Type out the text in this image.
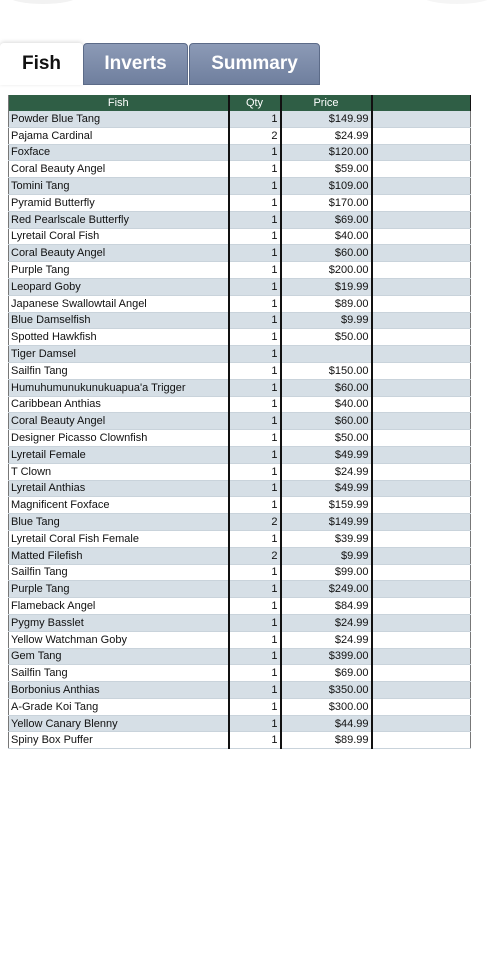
Fish	Inverts	Summary
Fish	Qty	Price	
Powder Blue Tang	1	$149.99	
Pajama Cardinal	2	$24.99	
Foxface	1	$120.00	
Coral Beauty Angel	1	$59.00	
Tomini Tang	1	$109.00	
Pyramid Butterfly	1	$170.00	
Red Pearlscale Butterfly	1	$69.00	
Lyretail Coral Fish	1	$40.00	
Coral Beauty Angel	1	$60.00	
Purple Tang	1	$200.00	
Leopard Goby	1	$19.99	
Japanese Swallowtail Angel	1	$89.00	
Blue Damselfish	1	$9.99	
Spotted Hawkfish	1	$50.00	
Tiger Damsel	1		
Sailfin Tang	1	$150.00	
Humuhumunukunukuapua'a Trigger	1	$60.00	
Caribbean Anthias	1	$40.00	
Coral Beauty Angel	1	$60.00	
Designer Picasso Clownfish	1	$50.00	
Lyretail Female	1	$49.99	
T Clown	1	$24.99	
Lyretail Anthias	1	$49.99	
Magnificent Foxface	1	$159.99	
Blue Tang	2	$149.99	
Lyretail Coral Fish Female	1	$39.99	
Matted Filefish	2	$9.99	
Sailfin Tang	1	$99.00	
Purple Tang	1	$249.00	
Flameback Angel	1	$84.99	
Pygmy Basslet	1	$24.99	
Yellow Watchman Goby	1	$24.99	
Gem Tang	1	$399.00	
Sailfin Tang	1	$69.00	
Borbonius Anthias	1	$350.00	
A-Grade Koi Tang	1	$300.00	
Yellow Canary Blenny	1	$44.99	
Spiny Box Puffer	1	$89.99	
